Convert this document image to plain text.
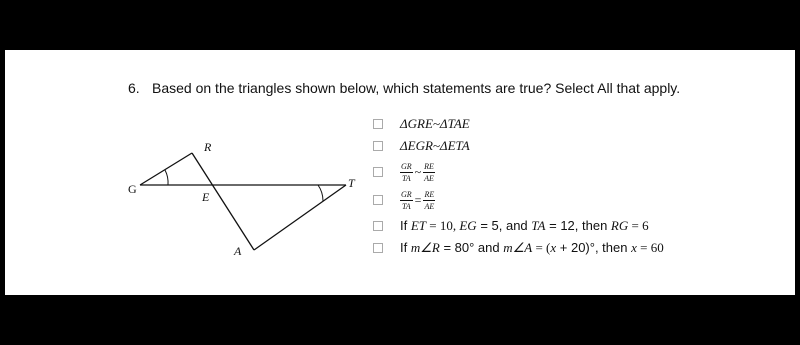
6. Based on the triangles shown below, which statements are true? Select All that apply.
R
G
E
T
A
ΔGRE~ΔTAE
ΔEGR~ΔETA
$\frac{GR}{TA}$ ~ $\frac{RE}{AE}$
$\frac{GR}{TA} = \frac{RE}{AE}$
If ET = 10, EG = 5, and TA = 12, then RG = 6
If m∠R = 80° and m∠A = (x + 20)°, then x = 60
